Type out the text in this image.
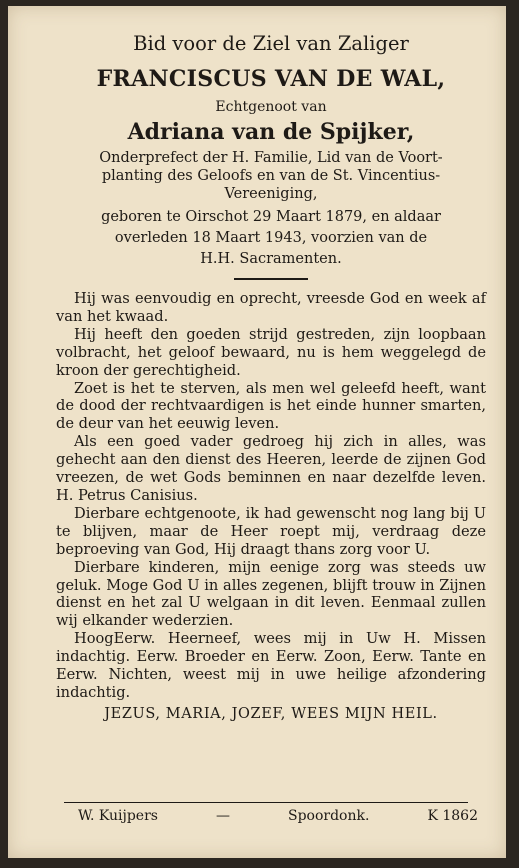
Bid voor de Ziel van Zaliger
FRANCISCUS VAN DE WAL,
Echtgenoot van
Adriana van de Spijker,
Onderprefect der H. Familie, Lid van de Voort-
planting des Geloofs en van de St. Vincentius-
Vereeniging,
geboren te Oirschot 29 Maart 1879, en aldaar
overleden 18 Maart 1943, voorzien van de
H.H. Sacramenten.

Hij was eenvoudig en oprecht, vreesde God en week af van het kwaad.

Hij heeft den goeden strijd gestreden, zijn loopbaan volbracht, het geloof bewaard, nu is hem weggelegd de kroon der gerechtigheid.

Zoet is het te sterven, als men wel geleefd heeft, want de dood der rechtvaardigen is het einde hunner smarten, de deur van het eeuwig leven.

Als een goed vader gedroeg hij zich in alles, was gehecht aan den dienst des Heeren, leerde de zijnen God vreezen, de wet Gods beminnen en naar dezelfde leven. H. Petrus Canisius.

Dierbare echtgenoote, ik had gewenscht nog lang bij U te blijven, maar de Heer roept mij, verdraag deze beproeving van God, Hij draagt thans zorg voor U.

Dierbare kinderen, mijn eenige zorg was steeds uw geluk. Moge God U in alles zegenen, blijft trouw in Zijnen dienst en het zal U welgaan in dit leven. Eenmaal zullen wij elkander wederzien.

HoogEerw. Heerneef, wees mij in Uw H. Missen indachtig. Eerw. Broeder en Eerw. Zoon, Eerw. Tante en Eerw. Nichten, weest mij in uwe heilige afzondering indachtig.

JEZUS, MARIA, JOZEF, WEES MIJN HEIL.
W. Kuijpers	—	Spoordonk.	K 1862
